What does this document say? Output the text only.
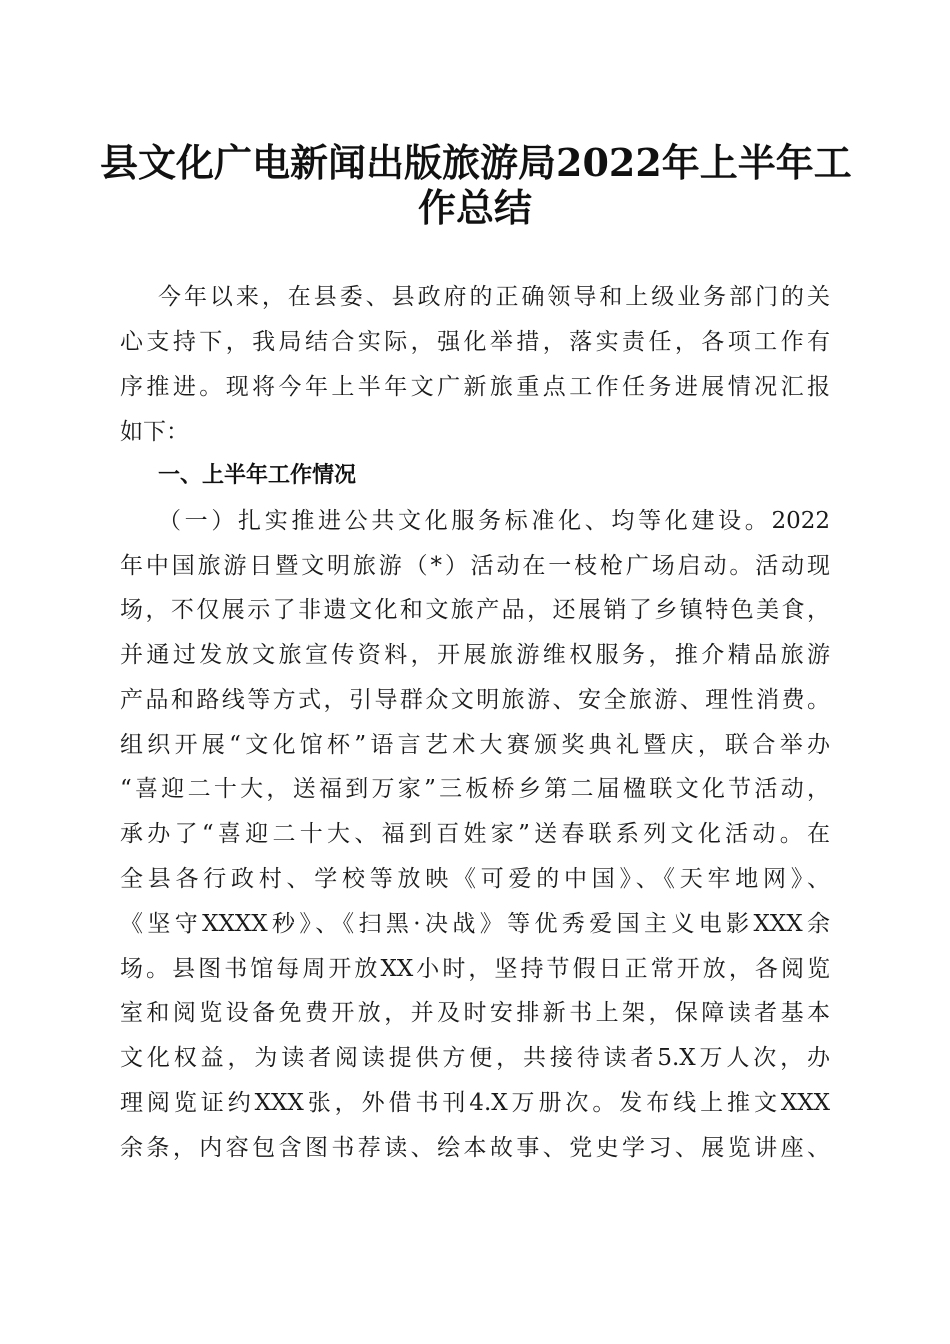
县文化广电新闻出版旅游局2022年上半年工
作总结
今年以来，在县委、县政府的正确领导和上级业务部门的关
心支持下，我局结合实际，强化举措，落实责任，各项工作有
序推进。现将今年上半年文广新旅重点工作任务进展情况汇报
如下：
一、上半年工作情况
（一）扎实推进公共文化服务标准化、均等化建设。2022
年中国旅游日暨文明旅游（*）活动在一枝枪广场启动。活动现
场，不仅展示了非遗文化和文旅产品，还展销了乡镇特色美食，
并通过发放文旅宣传资料，开展旅游维权服务，推介精品旅游
产品和路线等方式，引导群众文明旅游、安全旅游、理性消费。
组织开展“文化馆杯”语言艺术大赛颁奖典礼暨庆，联合举办
“喜迎二十大，送福到万家”三板桥乡第二届楹联文化节活动，
承办了“喜迎二十大、福到百姓家”送春联系列文化活动。在
全县各行政村、学校等放映《可爱的中国》、《天牢地网》、
《坚守XXXX秒》、《扫黑·决战》等优秀爱国主义电影XXX余
场。县图书馆每周开放XX小时，坚持节假日正常开放，各阅览
室和阅览设备免费开放，并及时安排新书上架，保障读者基本
文化权益，为读者阅读提供方便，共接待读者5.X万人次，办
理阅览证约XXX张，外借书刊4.X万册次。发布线上推文XXX
余条，内容包含图书荐读、绘本故事、党史学习、展览讲座、
